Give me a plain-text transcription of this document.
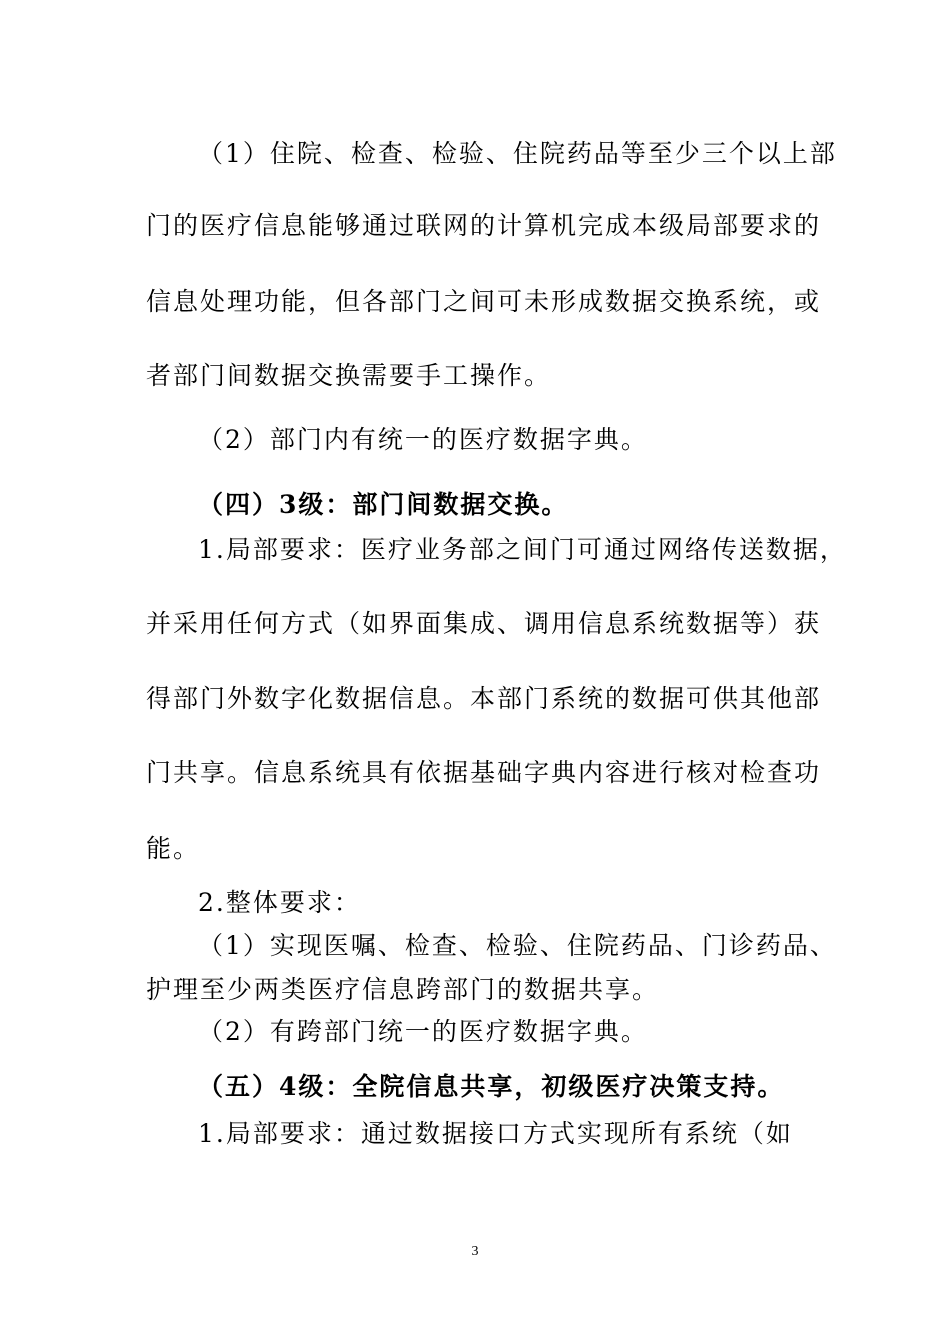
（1）住院、检查、检验、住院药品等至少三个以上部
门的医疗信息能够通过联网的计算机完成本级局部要求的
信息处理功能，但各部门之间可未形成数据交换系统，或
者部门间数据交换需要手工操作。
（2）部门内有统一的医疗数据字典。
（四）3级：部门间数据交换。
1.局部要求：医疗业务部之间门可通过网络传送数据，
并采用任何方式（如界面集成、调用信息系统数据等）获
得部门外数字化数据信息。本部门系统的数据可供其他部
门共享。信息系统具有依据基础字典内容进行核对检查功
能。
2.整体要求：
（1）实现医嘱、检查、检验、住院药品、门诊药品、
护理至少两类医疗信息跨部门的数据共享。
（2）有跨部门统一的医疗数据字典。
（五）4级：全院信息共享，初级医疗决策支持。
1.局部要求：通过数据接口方式实现所有系统（如
3
